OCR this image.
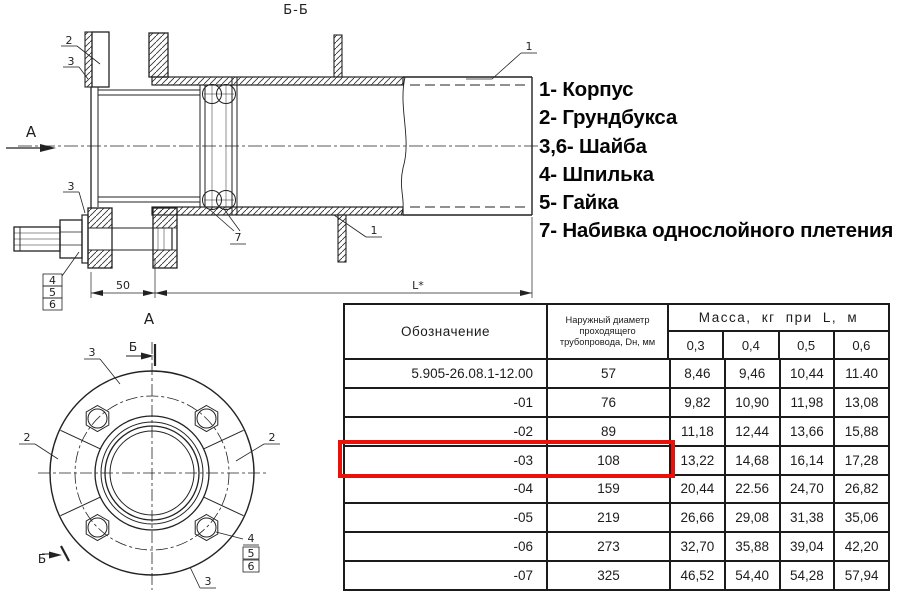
Б-Б
А
50	L*
2
3
3
4
5
6
7
1
1
А
Б
Б
3
2	2
4
5
6
3
1- Корпус
2- Грундбукса
3,6- Шайба
4- Шпилька
5- Гайка
7- Набивка однослойного плетения
Обозначение
Наружный диаметр проходящего трубопровода, Dн, мм
Масса, кг при L, м
0,3	0,4	0,5	0,6
5.905-26.08.1-12.00	57	8,46	9,46	10,44	11.40
-01	76	9,82	10,90	11,98	13,08
-02	89	11,18	12,44	13,66	15,88
-03	108	13,22	14,68	16,14	17,28
-04	159	20,44	22.56	24,70	26,82
-05	219	26,66	29,08	31,38	35,06
-06	273	32,70	35,88	39,04	42,20
-07	325	46,52	54,40	54,28	57,94
